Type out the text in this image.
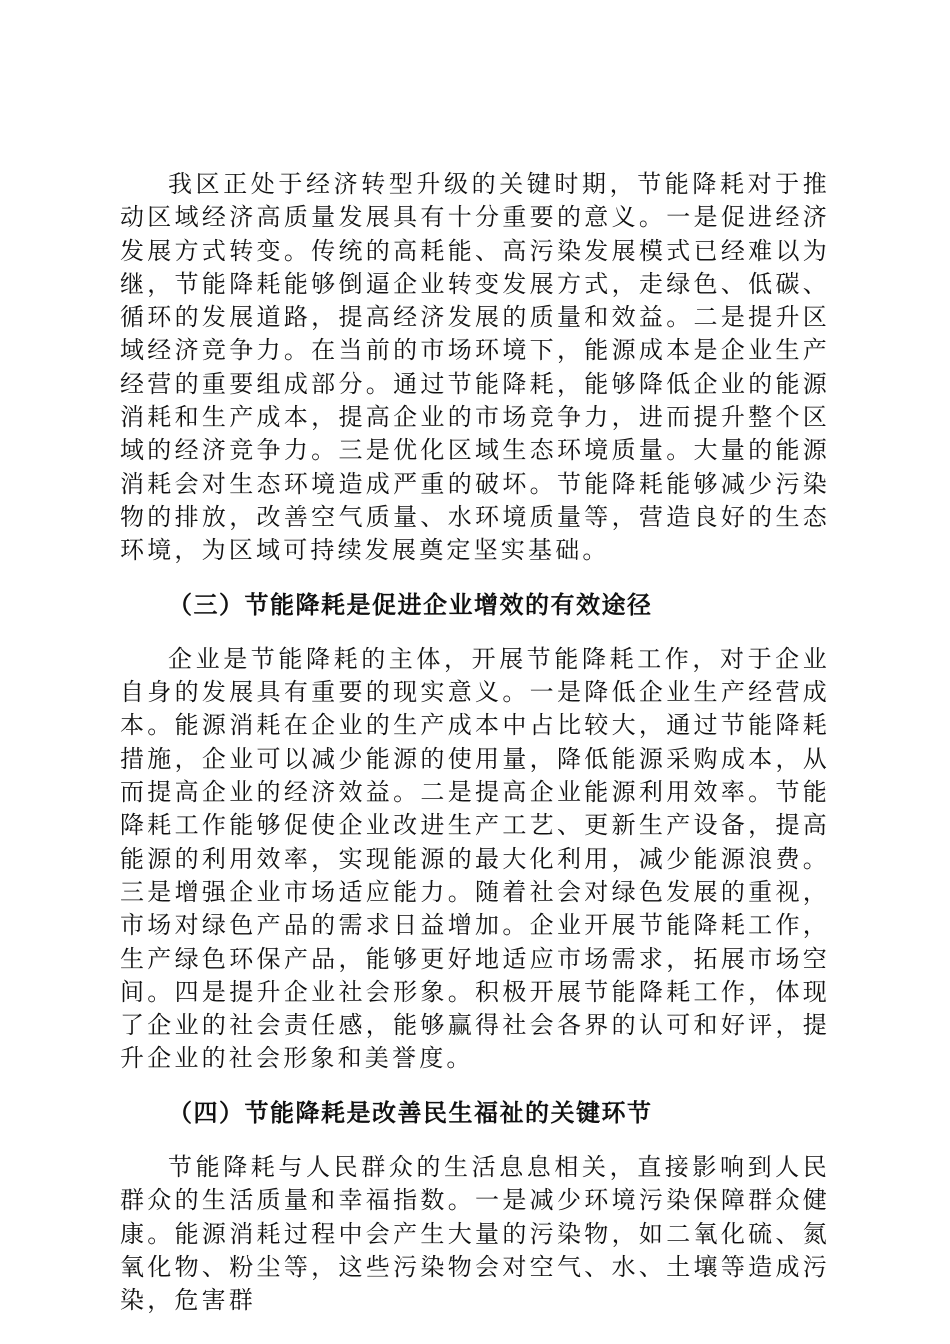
我区正处于经济转型升级的关键时期，节能降耗对于推动区域经济高质量发展具有十分重要的意义。一是促进经济发展方式转变。传统的高耗能、高污染发展模式已经难以为继，节能降耗能够倒逼企业转变发展方式，走绿色、低碳、循环的发展道路，提高经济发展的质量和效益。二是提升区域经济竞争力。在当前的市场环境下，能源成本是企业生产经营的重要组成部分。通过节能降耗，能够降低企业的能源消耗和生产成本，提高企业的市场竞争力，进而提升整个区域的经济竞争力。三是优化区域生态环境质量。大量的能源消耗会对生态环境造成严重的破坏。节能降耗能够减少污染物的排放，改善空气质量、水环境质量等，营造良好的生态环境，为区域可持续发展奠定坚实基础。

（三）节能降耗是促进企业增效的有效途径

企业是节能降耗的主体，开展节能降耗工作，对于企业自身的发展具有重要的现实意义。一是降低企业生产经营成本。能源消耗在企业的生产成本中占比较大，通过节能降耗措施，企业可以减少能源的使用量，降低能源采购成本，从而提高企业的经济效益。二是提高企业能源利用效率。节能降耗工作能够促使企业改进生产工艺、更新生产设备，提高能源的利用效率，实现能源的最大化利用，减少能源浪费。三是增强企业市场适应能力。随着社会对绿色发展的重视，市场对绿色产品的需求日益增加。企业开展节能降耗工作，生产绿色环保产品，能够更好地适应市场需求，拓展市场空间。四是提升企业社会形象。积极开展节能降耗工作，体现了企业的社会责任感，能够赢得社会各界的认可和好评，提升企业的社会形象和美誉度。

（四）节能降耗是改善民生福祉的关键环节

节能降耗与人民群众的生活息息相关，直接影响到人民群众的生活质量和幸福指数。一是减少环境污染保障群众健康。能源消耗过程中会产生大量的污染物，如二氧化硫、氮氧化物、粉尘等，这些污染物会对空气、水、土壤等造成污染，危害群
